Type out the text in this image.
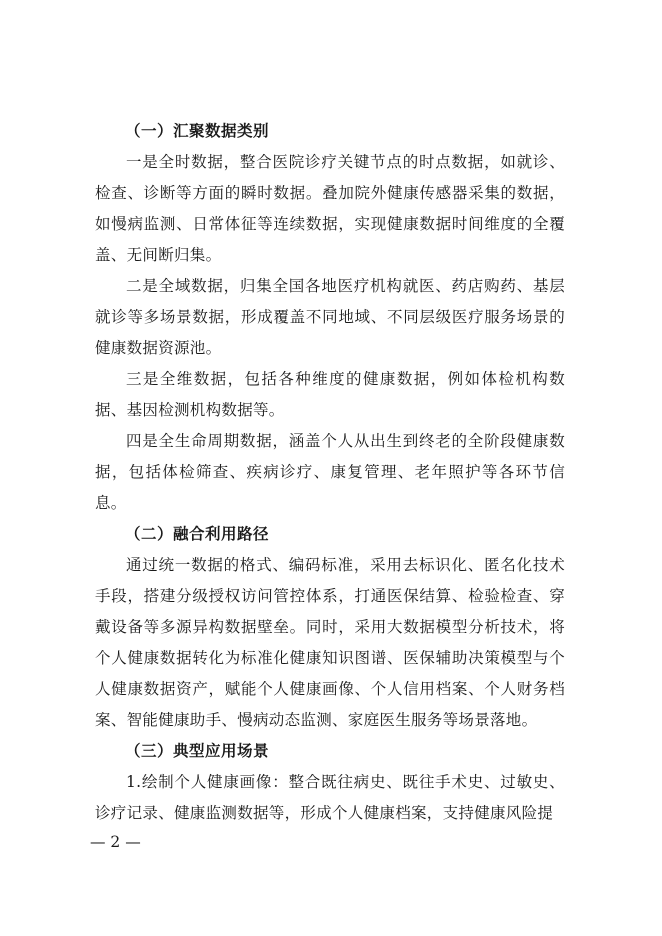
（一）汇聚数据类别

一是全时数据，整合医院诊疗关键节点的时点数据，如就诊、检查、诊断等方面的瞬时数据。叠加院外健康传感器采集的数据，如慢病监测、日常体征等连续数据，实现健康数据时间维度的全覆盖、无间断归集。

二是全域数据，归集全国各地医疗机构就医、药店购药、基层就诊等多场景数据，形成覆盖不同地域、不同层级医疗服务场景的健康数据资源池。

三是全维数据，包括各种维度的健康数据，例如体检机构数据、基因检测机构数据等。

四是全生命周期数据，涵盖个人从出生到终老的全阶段健康数据，包括体检筛查、疾病诊疗、康复管理、老年照护等各环节信息。

（二）融合利用路径

通过统一数据的格式、编码标准，采用去标识化、匿名化技术手段，搭建分级授权访问管控体系，打通医保结算、检验检查、穿戴设备等多源异构数据壁垒。同时，采用大数据模型分析技术，将个人健康数据转化为标准化健康知识图谱、医保辅助决策模型与个人健康数据资产，赋能个人健康画像、个人信用档案、个人财务档案、智能健康助手、慢病动态监测、家庭医生服务等场景落地。

（三）典型应用场景

1.绘制个人健康画像：整合既往病史、既往手术史、过敏史、诊疗记录、健康监测数据等，形成个人健康档案，支持健康风险提

— 2 —
